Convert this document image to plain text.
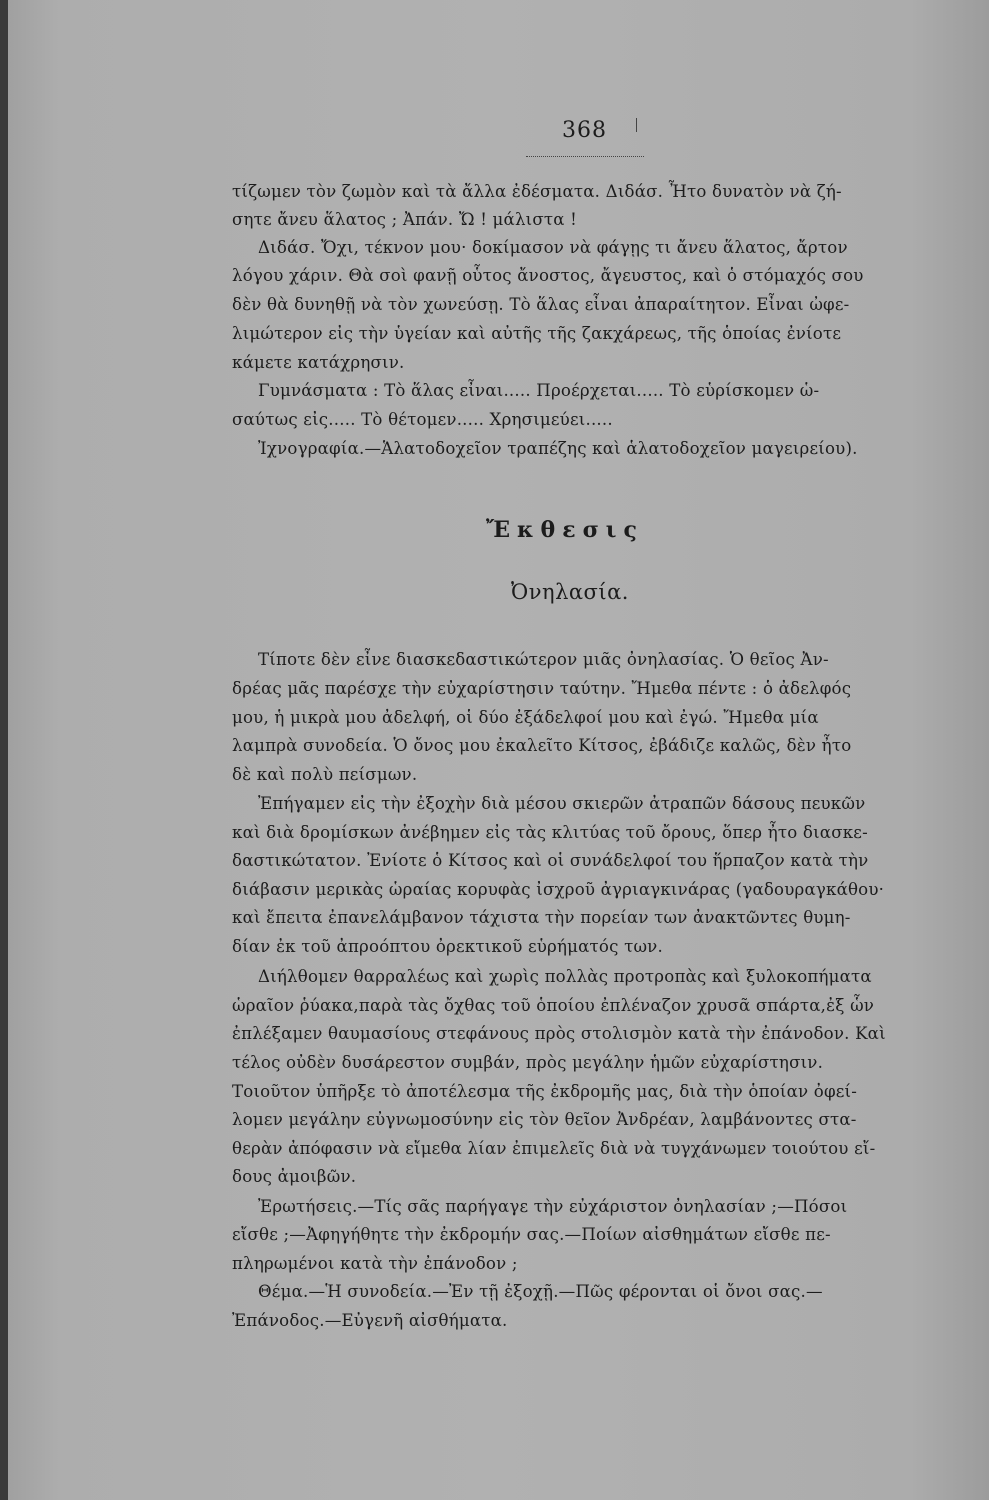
368
τίζωμεν τὸν ζωμὸν καὶ τὰ ἄλλα ἐδέσματα. Διδάσ. Ἦτο δυνατὸν νὰ ζή-
σητε ἄνευ ἅλατος ; Ἀπάν. Ὤ ! μάλιστα !
Διδάσ. Ὄχι, τέκνον μου· δοκίμασον νὰ φάγῃς τι ἄνευ ἅλατος, ἄρτον
λόγου χάριν. Θὰ σοὶ φανῇ οὗτος ἄνοστος, ἄγευστος, καὶ ὁ στόμαχός σου
δὲν θὰ δυνηθῇ νὰ τὸν χωνεύσῃ. Τὸ ἅλας εἶναι ἀπαραίτητον. Εἶναι ὠφε-
λιμώτερον εἰς τὴν ὑγείαν καὶ αὐτῆς τῆς ζακχάρεως, τῆς ὁποίας ἐνίοτε
κάμετε κατάχρησιν.
Γυμνάσματα : Τὸ ἅλας εἶναι..... Προέρχεται..... Τὸ εὑρίσκομεν ὡ-
σαύτως εἰς..... Τὸ θέτομεν..... Χρησιμεύει.....
Ἰχνογραφία.—Ἁλατοδοχεῖον τραπέζης καὶ ἁλατοδοχεῖον μαγειρείου).
Ἔκθεσις
Ὀνηλασία.
Τίποτε δὲν εἶνε διασκεδαστικώτερον μιᾶς ὀνηλασίας. Ὁ θεῖος Ἀν-
δρέας μᾶς παρέσχε τὴν εὐχαρίστησιν ταύτην. Ἤμεθα πέντε : ὁ ἀδελφός
μου, ἡ μικρὰ μου ἀδελφή, οἱ δύο ἐξάδελφοί μου καὶ ἐγώ. Ἤμεθα μία
λαμπρὰ συνοδεία. Ὁ ὄνος μου ἐκαλεῖτο Κίτσος, ἐβάδιζε καλῶς, δὲν ἦτο
δὲ καὶ πολὺ πείσμων.
Ἐπήγαμεν εἰς τὴν ἐξοχὴν διὰ μέσου σκιερῶν ἀτραπῶν δάσους πευκῶν
καὶ διὰ δρομίσκων ἀνέβημεν εἰς τὰς κλιτύας τοῦ ὄρους, ὅπερ ἦτο διασκε-
δαστικώτατον. Ἐνίοτε ὁ Κίτσος καὶ οἱ συνάδελφοί του ἥρπαζον κατὰ τὴν
διάβασιν μερικὰς ὡραίας κορυφὰς ἰσχροῦ ἀγριαγκινάρας (γαδουραγκάθου·
καὶ ἔπειτα ἐπανελάμβανον τάχιστα τὴν πορείαν των ἀνακτῶντες θυμη-
δίαν ἐκ τοῦ ἀπροόπτου ὀρεκτικοῦ εὑρήματός των.
Διήλθομεν θαρραλέως καὶ χωρὶς πολλὰς προτροπὰς καὶ ξυλοκοπήματα
ὡραῖον ῥύακα,παρὰ τὰς ὄχθας τοῦ ὁποίου ἐπλέναζον χρυσᾶ σπάρτα,ἐξ ὧν
ἐπλέξαμεν θαυμασίους στεφάνους πρὸς στολισμὸν κατὰ τὴν ἐπάνοδον. Καὶ
τέλος οὐδὲν δυσάρεστον συμβάν, πρὸς μεγάλην ἡμῶν εὐχαρίστησιν.
Τοιοῦτον ὑπῆρξε τὸ ἀποτέλεσμα τῆς ἐκδρομῆς μας, διὰ τὴν ὁποίαν ὀφεί-
λομεν μεγάλην εὐγνωμοσύνην εἰς τὸν θεῖον Ἀνδρέαν, λαμβάνοντες στα-
θερὰν ἀπόφασιν νὰ εἴμεθα λίαν ἐπιμελεῖς διὰ νὰ τυγχάνωμεν τοιούτου εἴ-
δους ἀμοιβῶν.
Ἐρωτήσεις.—Τίς σᾶς παρήγαγε τὴν εὐχάριστον ὀνηλασίαν ;—Πόσοι
εἴσθε ;—Ἀφηγήθητε τὴν ἐκδρομήν σας.—Ποίων αἰσθημάτων εἴσθε πε-
πληρωμένοι κατὰ τὴν ἐπάνοδον ;
Θέμα.—Ἡ συνοδεία.—Ἐν τῇ ἐξοχῇ.—Πῶς φέρονται οἱ ὄνοι σας.—
Ἐπάνοδος.—Εὐγενῆ αἰσθήματα.
